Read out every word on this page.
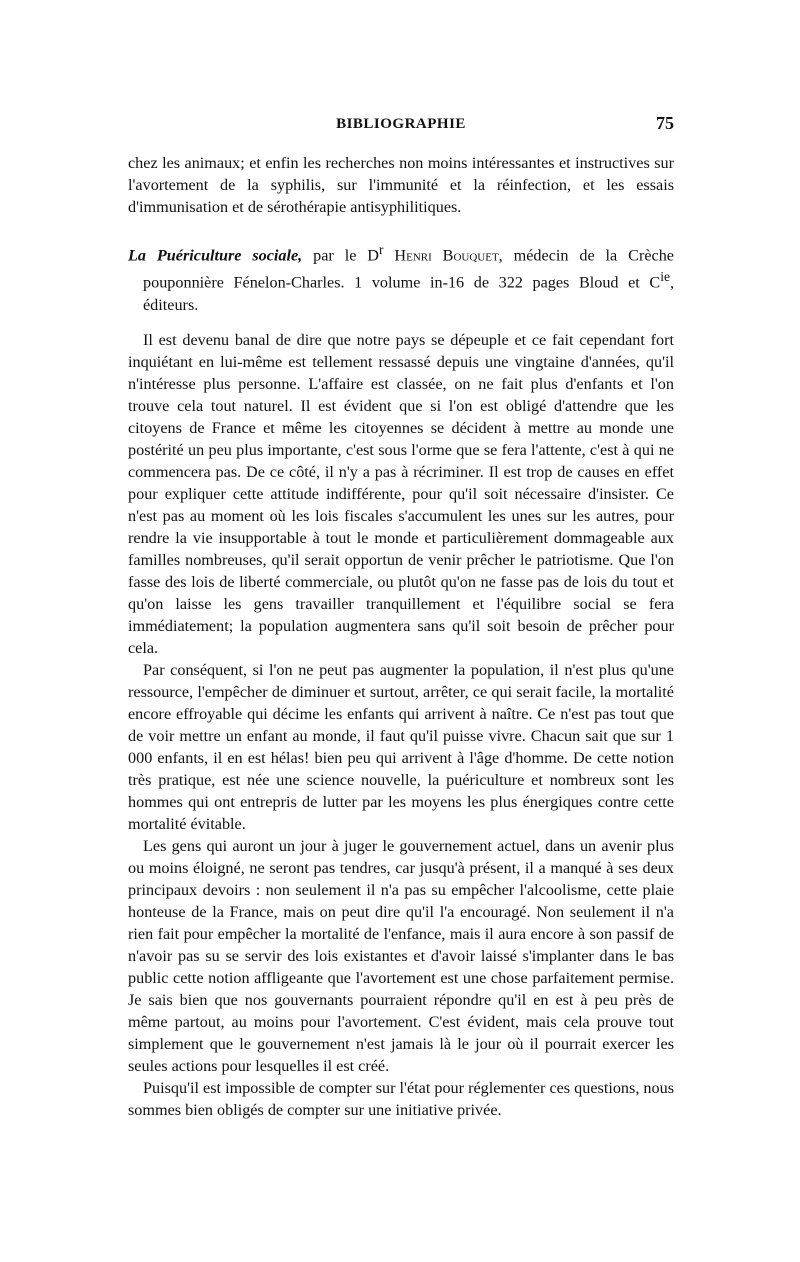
BIBLIOGRAPHIE	75

chez les animaux; et enfin les recherches non moins intéressantes et instructives sur l'avortement de la syphilis, sur l'immunité et la réinfection, et les essais d'immunisation et de sérothérapie antisyphilitiques.

La Puériculture sociale, par le $D^r$ Henri Bouquet, médecin de la Crèche pouponnière Fénelon-Charles. 1 volume in-16 de 322 pages Bloud et $C^{ie}$, éditeurs.

Il est devenu banal de dire que notre pays se dépeuple et ce fait cependant fort inquiétant en lui-même est tellement ressassé depuis une vingtaine d'années, qu'il n'intéresse plus personne. L'affaire est classée, on ne fait plus d'enfants et l'on trouve cela tout naturel. Il est évident que si l'on est obligé d'attendre que les citoyens de France et même les citoyennes se décident à mettre au monde une postérité un peu plus importante, c'est sous l'orme que se fera l'attente, c'est à qui ne commencera pas. De ce côté, il n'y a pas à récriminer. Il est trop de causes en effet pour expliquer cette attitude indifférente, pour qu'il soit nécessaire d'insister. Ce n'est pas au moment où les lois fiscales s'accumulent les unes sur les autres, pour rendre la vie insupportable à tout le monde et particulièrement dommageable aux familles nombreuses, qu'il serait opportun de venir prêcher le patriotisme. Que l'on fasse des lois de liberté commerciale, ou plutôt qu'on ne fasse pas de lois du tout et qu'on laisse les gens travailler tranquillement et l'équilibre social se fera immédiatement; la population augmentera sans qu'il soit besoin de prêcher pour cela.

Par conséquent, si l'on ne peut pas augmenter la population, il n'est plus qu'une ressource, l'empêcher de diminuer et surtout, arrêter, ce qui serait facile, la mortalité encore effroyable qui décime les enfants qui arrivent à naître. Ce n'est pas tout que de voir mettre un enfant au monde, il faut qu'il puisse vivre. Chacun sait que sur 1 000 enfants, il en est hélas! bien peu qui arrivent à l'âge d'homme. De cette notion très pratique, est née une science nouvelle, la puériculture et nombreux sont les hommes qui ont entrepris de lutter par les moyens les plus énergiques contre cette mortalité évitable.

Les gens qui auront un jour à juger le gouvernement actuel, dans un avenir plus ou moins éloigné, ne seront pas tendres, car jusqu'à présent, il a manqué à ses deux principaux devoirs : non seulement il n'a pas su empêcher l'alcoolisme, cette plaie honteuse de la France, mais on peut dire qu'il l'a encouragé. Non seulement il n'a rien fait pour empêcher la mortalité de l'enfance, mais il aura encore à son passif de n'avoir pas su se servir des lois existantes et d'avoir laissé s'implanter dans le bas public cette notion affligeante que l'avortement est une chose parfaitement permise. Je sais bien que nos gouvernants pourraient répondre qu'il en est à peu près de même partout, au moins pour l'avortement. C'est évident, mais cela prouve tout simplement que le gouvernement n'est jamais là le jour où il pourrait exercer les seules actions pour lesquelles il est créé.

Puisqu'il est impossible de compter sur l'état pour réglementer ces questions, nous sommes bien obligés de compter sur une initiative privée.
